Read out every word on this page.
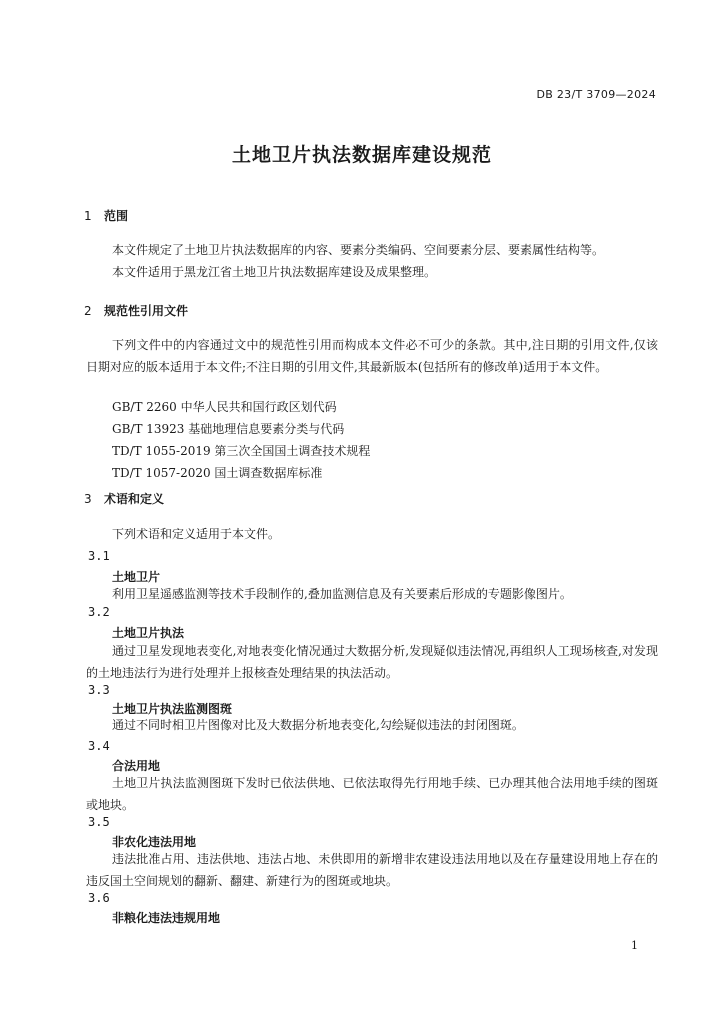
DB 23/T 3709—2024
土地卫片执法数据库建设规范
1 范围
本文件规定了土地卫片执法数据库的内容、要素分类编码、空间要素分层、要素属性结构等。
本文件适用于黑龙江省土地卫片执法数据库建设及成果整理。
2 规范性引用文件
下列文件中的内容通过文中的规范性引用而构成本文件必不可少的条款。其中,注日期的引用文件,仅该日期对应的版本适用于本文件;不注日期的引用文件,其最新版本(包括所有的修改单)适用于本文件。
GB/T 2260 中华人民共和国行政区划代码
GB/T 13923 基础地理信息要素分类与代码
TD/T 1055-2019 第三次全国国土调查技术规程
TD/T 1057-2020 国土调查数据库标准
3 术语和定义
下列术语和定义适用于本文件。
3.1
土地卫片
利用卫星遥感监测等技术手段制作的,叠加监测信息及有关要素后形成的专题影像图片。
3.2
土地卫片执法
通过卫星发现地表变化,对地表变化情况通过大数据分析,发现疑似违法情况,再组织人工现场核查,对发现的土地违法行为进行处理并上报核查处理结果的执法活动。
3.3
土地卫片执法监测图斑
通过不同时相卫片图像对比及大数据分析地表变化,勾绘疑似违法的封闭图斑。
3.4
合法用地
土地卫片执法监测图斑下发时已依法供地、已依法取得先行用地手续、已办理其他合法用地手续的图斑或地块。
3.5
非农化违法用地
违法批准占用、违法供地、违法占地、未供即用的新增非农建设违法用地以及在存量建设用地上存在的违反国土空间规划的翻新、翻建、新建行为的图斑或地块。
3.6
非粮化违法违规用地
1
